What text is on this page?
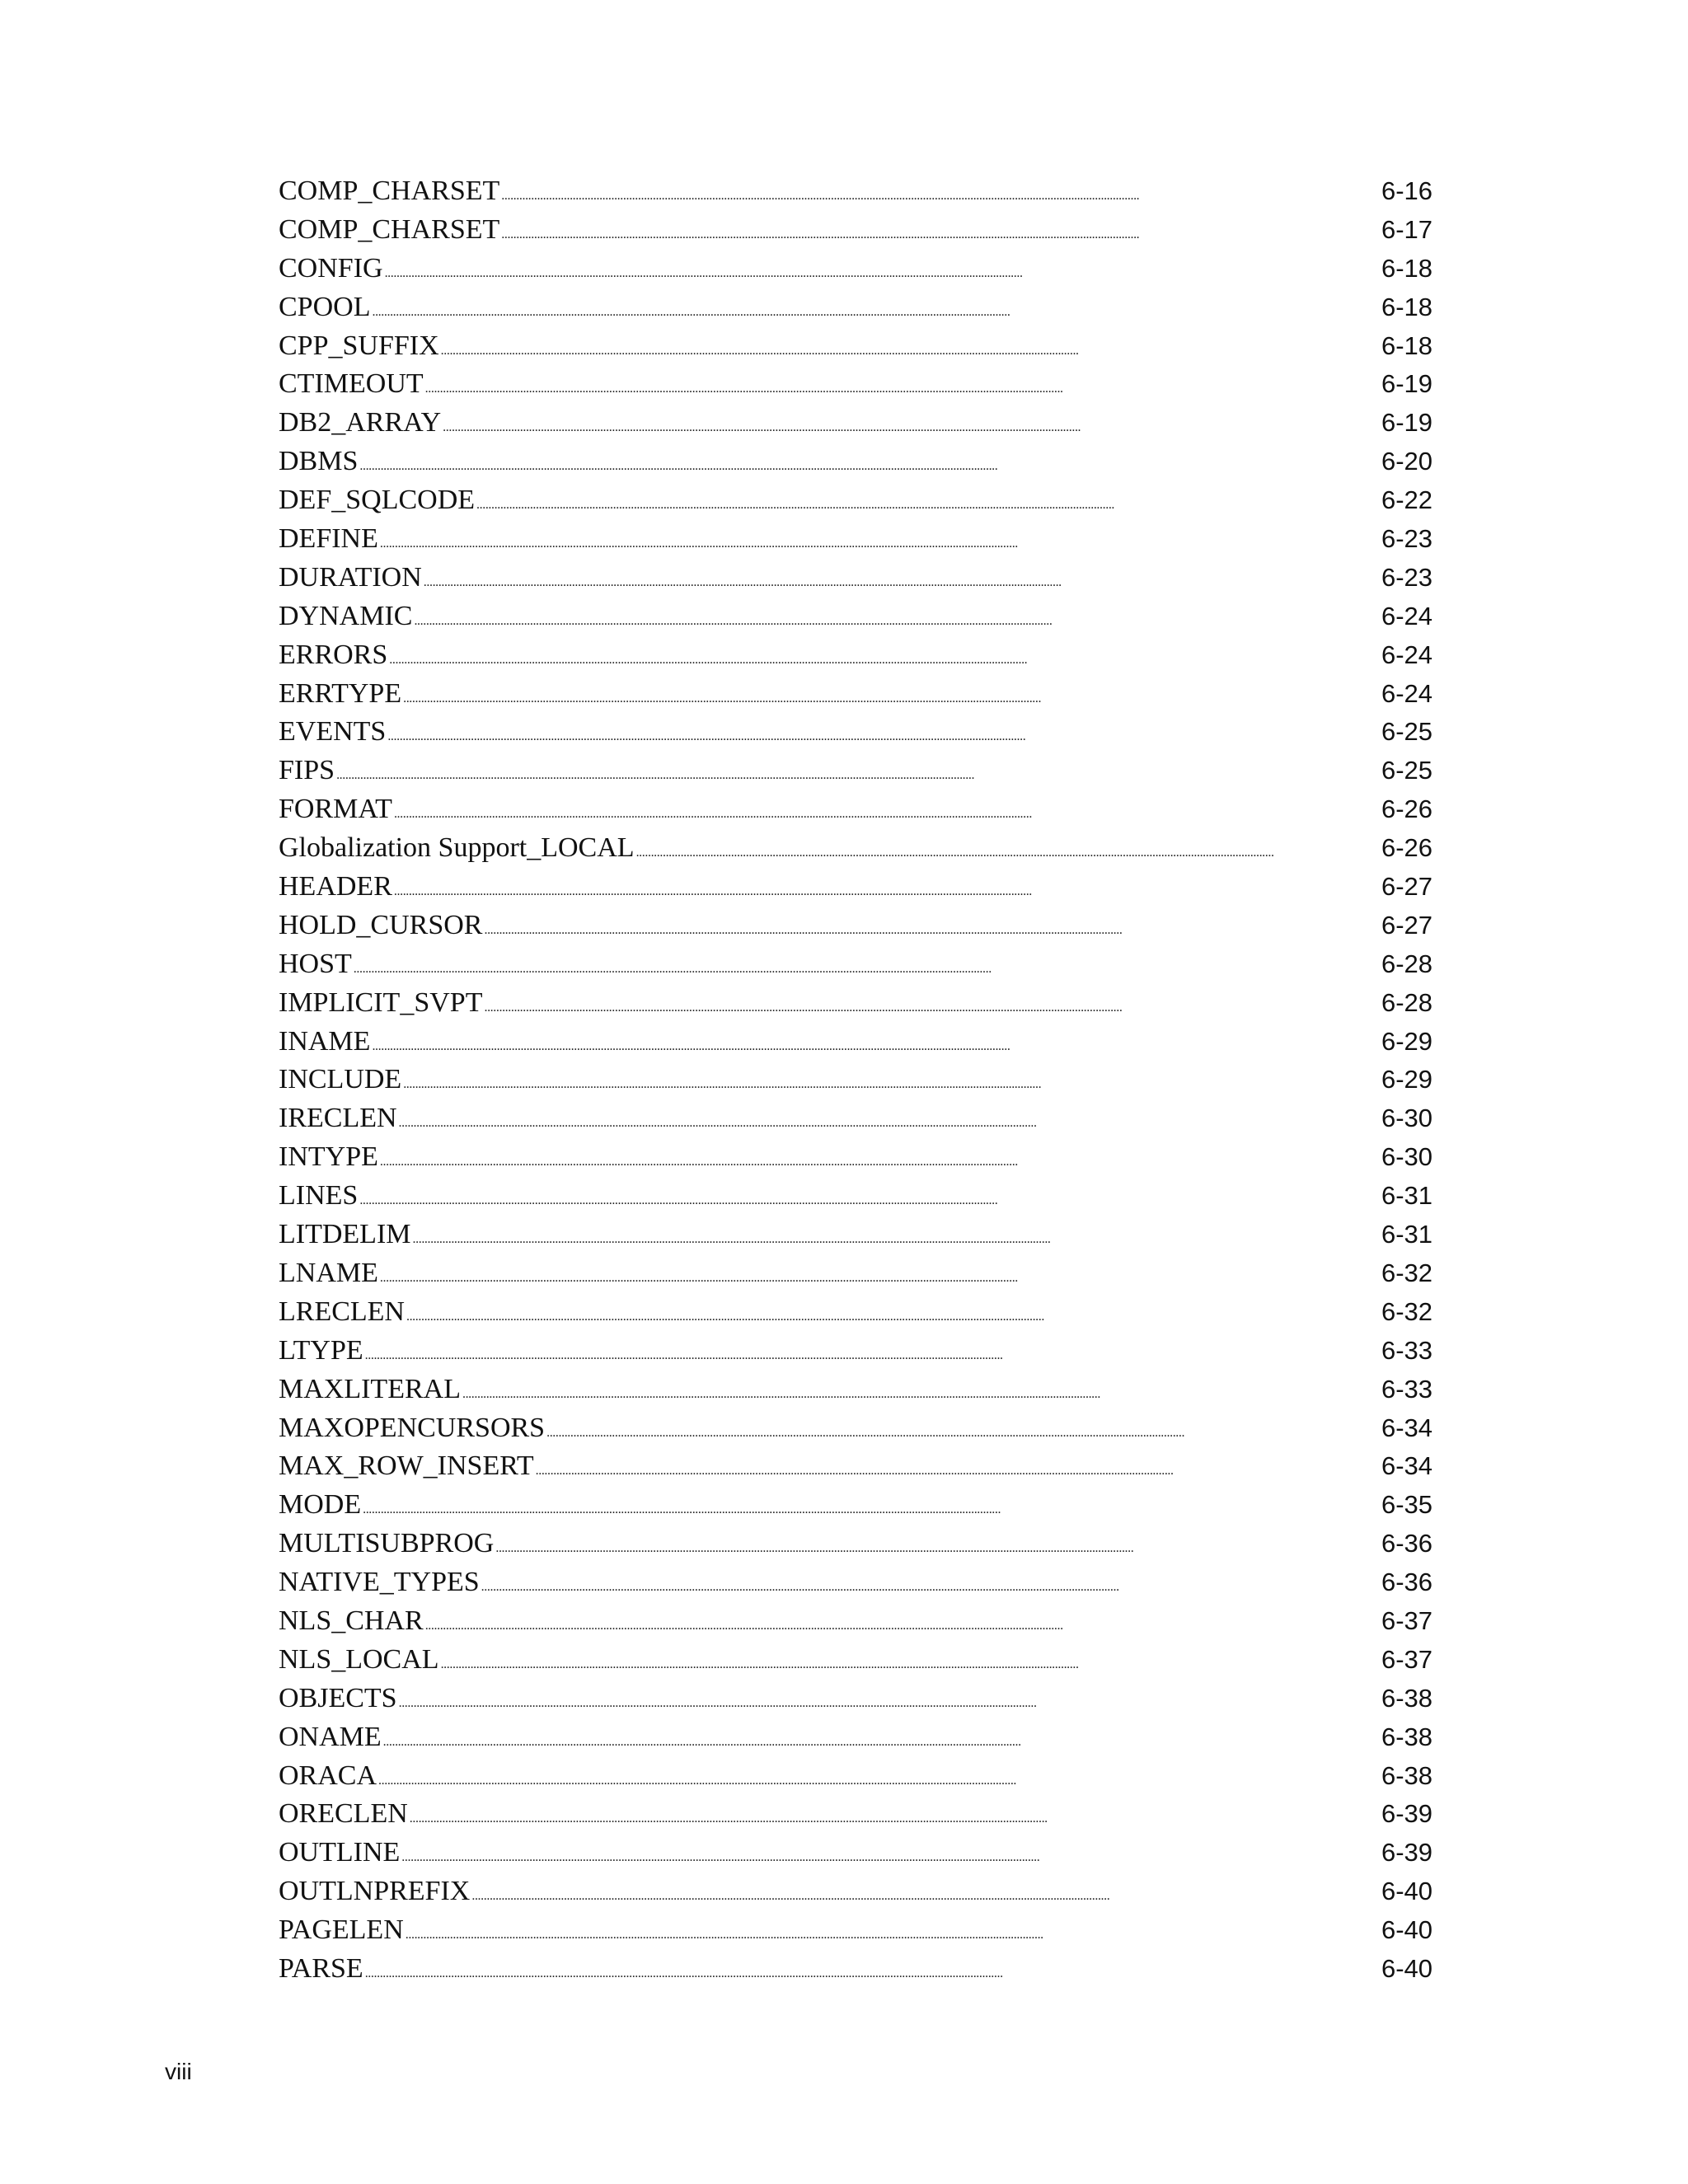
COMP_CHARSET . . .	6-16
COMP_CHARSET . . .	6-17
CONFIG . . .	6-18
CPOOL . . .	6-18
CPP_SUFFIX . . .	6-18
CTIMEOUT . . .	6-19
DB2_ARRAY . . .	6-19
DBMS . . .	6-20
DEF_SQLCODE . . .	6-22
DEFINE . . .	6-23
DURATION . . .	6-23
DYNAMIC . . .	6-24
ERRORS . . .	6-24
ERRTYPE . . .	6-24
EVENTS . . .	6-25
FIPS . . .	6-25
FORMAT . . .	6-26
Globalization Support_LOCAL . . .	6-26
HEADER . . .	6-27
HOLD_CURSOR . . .	6-27
HOST . . .	6-28
IMPLICIT_SVPT . . .	6-28
INAME . . .	6-29
INCLUDE . . .	6-29
IRECLEN . . .	6-30
INTYPE . . .	6-30
LINES . . .	6-31
LITDELIM . . .	6-31
LNAME . . .	6-32
LRECLEN . . .	6-32
LTYPE . . .	6-33
MAXLITERAL . . .	6-33
MAXOPENCURSORS . . .	6-34
MAX_ROW_INSERT . . .	6-34
MODE . . .	6-35
MULTISUBPROG . . .	6-36
NATIVE_TYPES . . .	6-36
NLS_CHAR . . .	6-37
NLS_LOCAL . . .	6-37
OBJECTS . . .	6-38
ONAME . . .	6-38
ORACA . . .	6-38
ORECLEN . . .	6-39
OUTLINE . . .	6-39
OUTLNPREFIX . . .	6-40
PAGELEN . . .	6-40
PARSE . . .	6-40
viii
